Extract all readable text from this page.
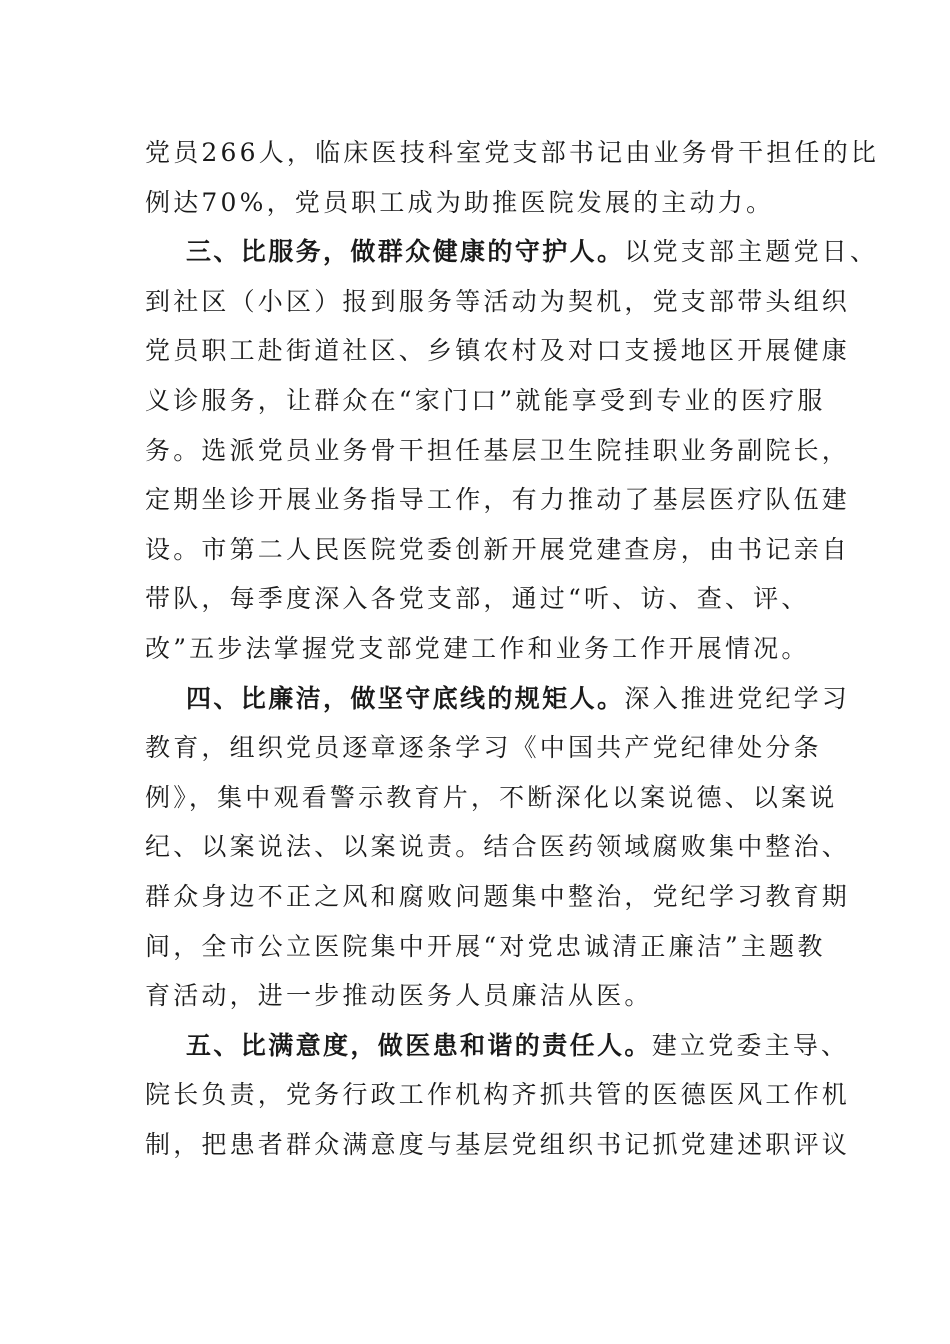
党员266人，临床医技科室党支部书记由业务骨干担任的比
例达70%，党员职工成为助推医院发展的主动力。
三、比服务，做群众健康的守护人。以党支部主题党日、
到社区（小区）报到服务等活动为契机，党支部带头组织
党员职工赴街道社区、乡镇农村及对口支援地区开展健康
义诊服务，让群众在“家门口”就能享受到专业的医疗服
务。选派党员业务骨干担任基层卫生院挂职业务副院长，
定期坐诊开展业务指导工作，有力推动了基层医疗队伍建
设。市第二人民医院党委创新开展党建查房，由书记亲自
带队，每季度深入各党支部，通过“听、访、查、评、
改”五步法掌握党支部党建工作和业务工作开展情况。
四、比廉洁，做坚守底线的规矩人。深入推进党纪学习
教育，组织党员逐章逐条学习《中国共产党纪律处分条
例》，集中观看警示教育片，不断深化以案说德、以案说
纪、以案说法、以案说责。结合医药领域腐败集中整治、
群众身边不正之风和腐败问题集中整治，党纪学习教育期
间，全市公立医院集中开展“对党忠诚清正廉洁”主题教
育活动，进一步推动医务人员廉洁从医。
五、比满意度，做医患和谐的责任人。建立党委主导、
院长负责，党务行政工作机构齐抓共管的医德医风工作机
制，把患者群众满意度与基层党组织书记抓党建述职评议
